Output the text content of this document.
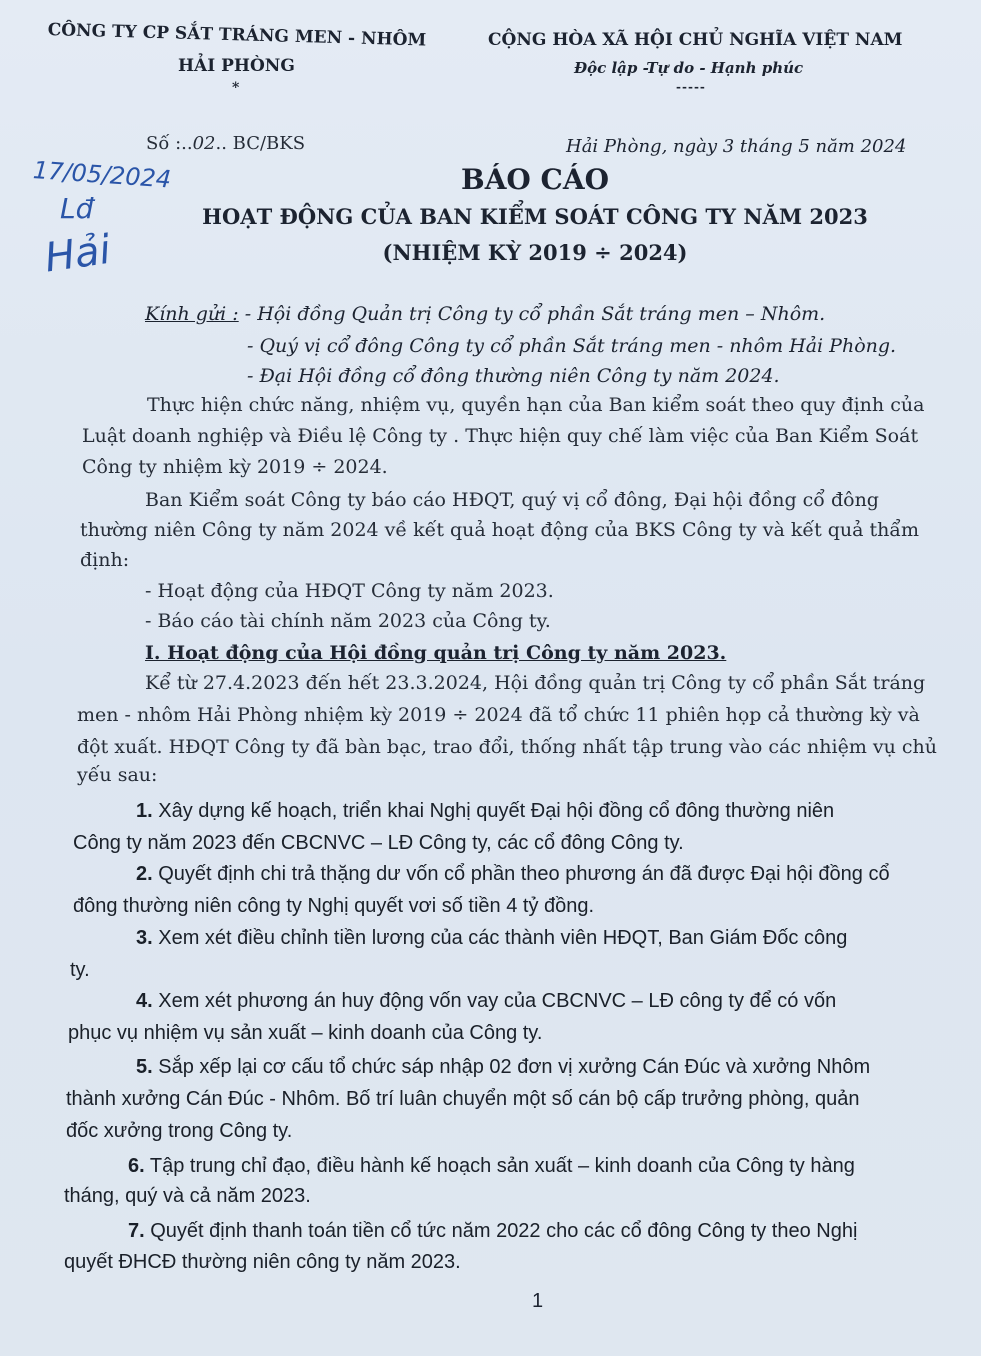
CÔNG TY CP SẮT TRÁNG MEN - NHÔM
HẢI PHÒNG
*
CỘNG HÒA XÃ HỘI CHỦ NGHĨA VIỆT NAM
Độc lập -Tự do - Hạnh phúc
-----
Số :..02.. BC/BKS	Hải Phòng, ngày 3 tháng 5 năm 2024
17/05/2024
Lđ
Hải
BÁO CÁO
HOẠT ĐỘNG CỦA BAN KIỂM SOÁT CÔNG TY NĂM 2023
(NHIỆM KỲ 2019 ÷ 2024)
Kính gửi : - Hội đồng Quản trị Công ty cổ phần Sắt tráng men – Nhôm.
- Quý vị cổ đông Công ty cổ phần Sắt tráng men - nhôm Hải Phòng.
- Đại Hội đồng cổ đông thường niên Công ty năm 2024.
Thực hiện chức năng, nhiệm vụ, quyền hạn của Ban kiểm soát theo quy định của
Luật doanh nghiệp và Điều lệ Công ty . Thực hiện quy chế làm việc của Ban Kiểm Soát
Công ty nhiệm kỳ 2019 ÷ 2024.
Ban Kiểm soát Công ty báo cáo HĐQT, quý vị cổ đông, Đại hội đồng cổ đông
thường niên Công ty năm 2024 về kết quả hoạt động của BKS Công ty và kết quả thẩm
định:
- Hoạt động của HĐQT Công ty năm 2023.
- Báo cáo tài chính năm 2023 của Công ty.
I. Hoạt động của Hội đồng quản trị Công ty năm 2023.
Kể từ 27.4.2023 đến hết 23.3.2024, Hội đồng quản trị Công ty cổ phần Sắt tráng
men - nhôm Hải Phòng nhiệm kỳ 2019 ÷ 2024 đã tổ chức 11 phiên họp cả thường kỳ và
đột xuất. HĐQT Công ty đã bàn bạc, trao đổi, thống nhất tập trung vào các nhiệm vụ chủ
yếu sau:
1. Xây dựng kế hoạch, triển khai Nghị quyết Đại hội đồng cổ đông thường niên
Công ty năm 2023 đến CBCNVC – LĐ Công ty, các cổ đông Công ty.
2. Quyết định chi trả thặng dư vốn cổ phần theo phương án đã được Đại hội đồng cổ
đông thường niên công ty Nghị quyết vơi số tiền 4 tỷ đồng.
3. Xem xét điều chỉnh tiền lương của các thành viên HĐQT, Ban Giám Đốc công
ty.
4. Xem xét phương án huy động vốn vay của CBCNVC – LĐ công ty để có vốn
phục vụ nhiệm vụ sản xuất – kinh doanh của Công ty.
5. Sắp xếp lại cơ cấu tổ chức sáp nhập 02 đơn vị xưởng Cán Đúc và xưởng Nhôm
thành xưởng Cán Đúc - Nhôm. Bố trí luân chuyển một số cán bộ cấp trưởng phòng, quản
đốc xưởng trong Công ty.
6. Tập trung chỉ đạo, điều hành kế hoạch sản xuất – kinh doanh của Công ty hàng
tháng, quý và cả năm 2023.
7. Quyết định thanh toán tiền cổ tức năm 2022 cho các cổ đông Công ty theo Nghị
quyết ĐHCĐ thường niên công ty năm 2023.
1
